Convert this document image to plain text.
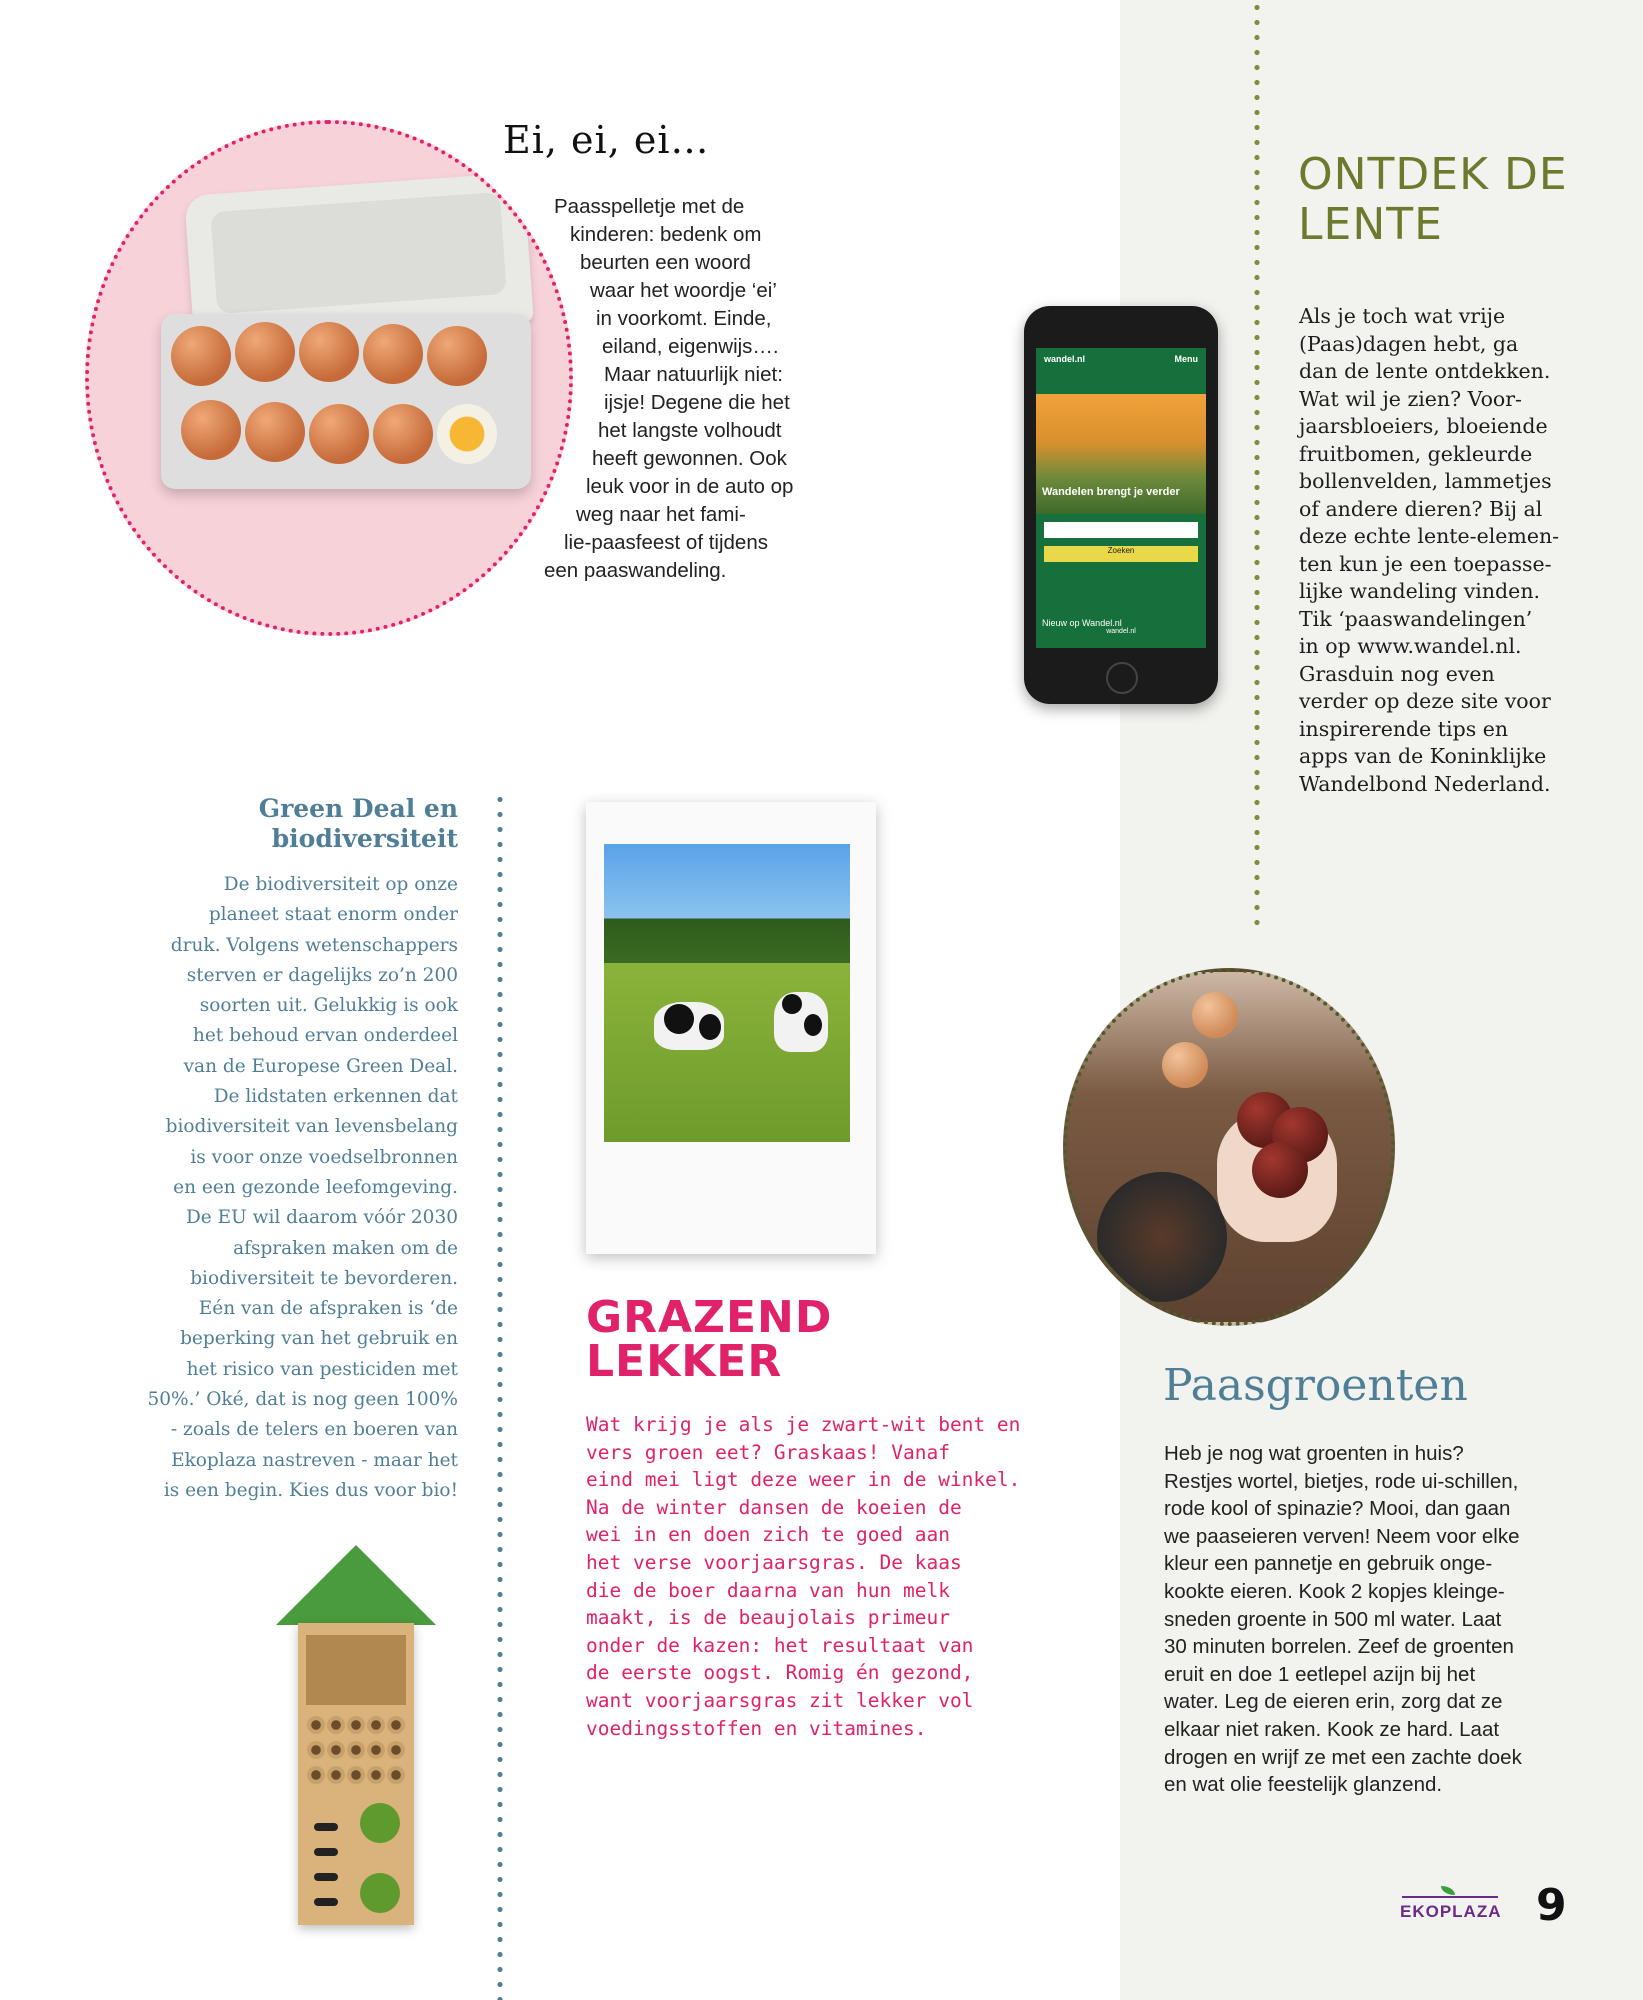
Ei, ei, ei…
Paasspelletje met de
kinderen: bedenk om
beurten een woord
waar het woordje ‘ei’
in voorkomt. Einde,
eiland, eigenwijs….
Maar natuurlijk niet:
ijsje! Degene die het
het langste volhoudt
heeft gewonnen. Ook
leuk voor in de auto op
weg naar het fami-
lie-paasfeest of tijdens
een paaswandeling.
ONTDEK DE
LENTE
Als je toch wat vrije
(Paas)dagen hebt, ga
dan de lente ontdekken.
Wat wil je zien? Voor-
jaarsbloeiers, bloeiende
fruitbomen, gekleurde
bollenvelden, lammetjes
of andere dieren? Bij al
deze echte lente-elemen-
ten kun je een toepasse-
lijke wandeling vinden.
Tik ‘paaswandelingen’
in op www.wandel.nl.
Grasduin nog even
verder op deze site voor
inspirerende tips en
apps van de Koninklijke
Wandelbond Nederland.
wandel.nl	Menu
Wandelen brengt je verder
Zoeken
Nieuw op Wandel.nl
wandel.nl
Green Deal en
biodiversiteit
De biodiversiteit op onze
planeet staat enorm onder
druk. Volgens wetenschappers
sterven er dagelijks zo’n 200
soorten uit. Gelukkig is ook
het behoud ervan onderdeel
van de Europese Green Deal.
De lidstaten erkennen dat
biodiversiteit van levensbelang
is voor onze voedselbronnen
en een gezonde leefomgeving.
De EU wil daarom vóór 2030
afspraken maken om de
biodiversiteit te bevorderen.
Eén van de afspraken is ‘de
beperking van het gebruik en
het risico van pesticiden met
50%.’ Oké, dat is nog geen 100%
- zoals de telers en boeren van
Ekoplaza nastreven - maar het
is een begin. Kies dus voor bio!
GRAZEND
LEKKER
Wat krijg je als je zwart-wit bent en
vers groen eet? Graskaas! Vanaf
eind mei ligt deze weer in de winkel.
Na de winter dansen de koeien de
wei in en doen zich te goed aan
het verse voorjaarsgras. De kaas
die de boer daarna van hun melk
maakt, is de beaujolais primeur
onder de kazen: het resultaat van
de eerste oogst. Romig én gezond,
want voorjaarsgras zit lekker vol
voedingsstoffen en vitamines.
Paasgroenten
Heb je nog wat groenten in huis?
Restjes wortel, bietjes, rode ui-schillen,
rode kool of spinazie? Mooi, dan gaan
we paaseieren verven! Neem voor elke
kleur een pannetje en gebruik onge-
kookte eieren. Kook 2 kopjes kleinge-
sneden groente in 500 ml water. Laat
30 minuten borrelen. Zeef de groenten
eruit en doe 1 eetlepel azijn bij het
water. Leg de eieren erin, zorg dat ze
elkaar niet raken. Kook ze hard. Laat
drogen en wrijf ze met een zachte doek
en wat olie feestelijk glanzend.

EKOPLAZA 9
